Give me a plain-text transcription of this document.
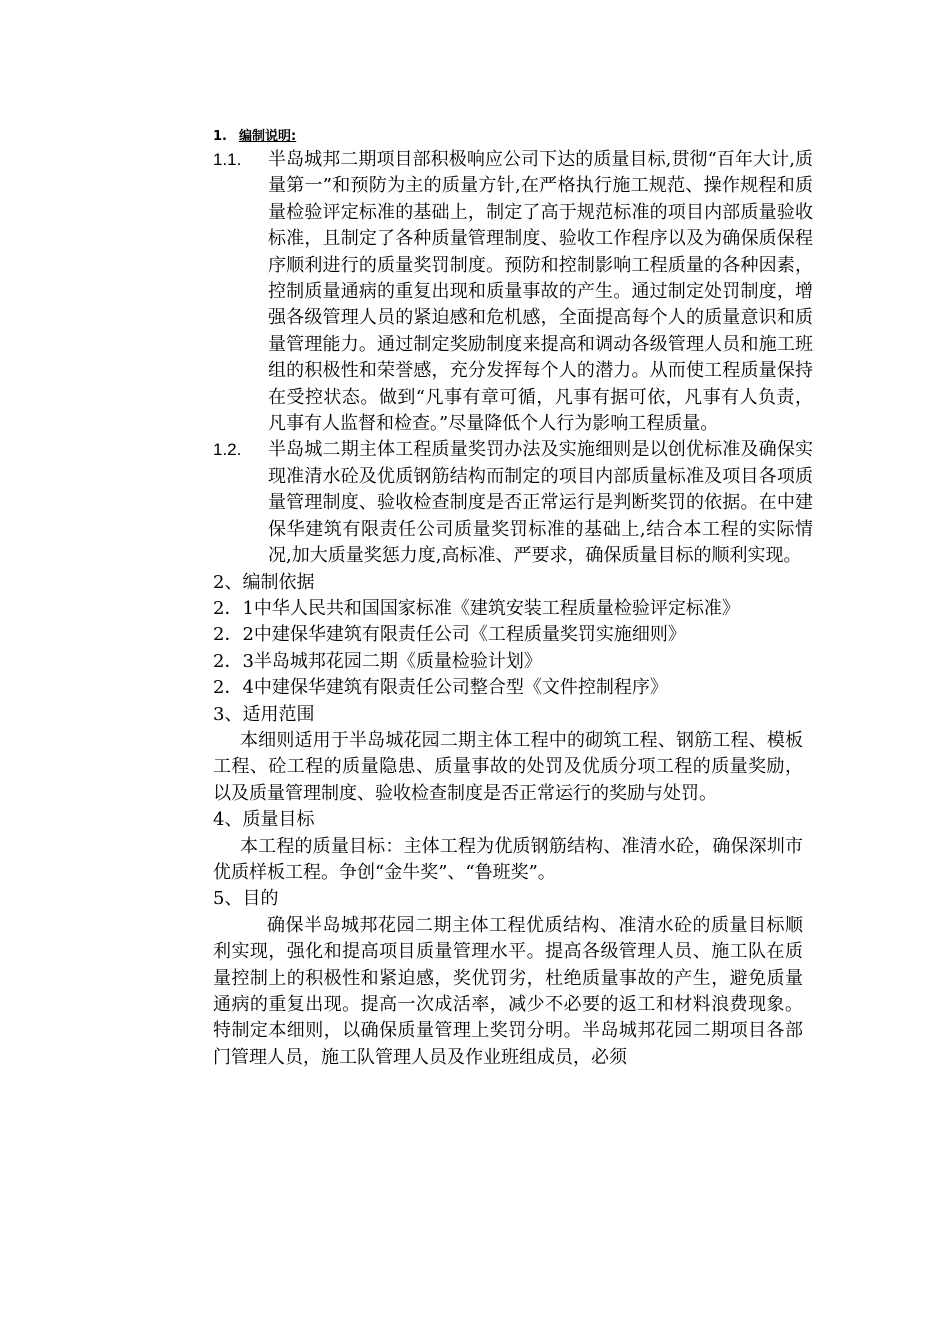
1. 编制说明:
1.1.	半岛城邦二期项目部积极响应公司下达的质量目标,贯彻“百年大计,质量第一”和预防为主的质量方针,在严格执行施工规范、操作规程和质量检验评定标准的基础上，制定了高于规范标准的项目内部质量验收标准，且制定了各种质量管理制度、验收工作程序以及为确保质保程序顺利进行的质量奖罚制度。预防和控制影响工程质量的各种因素，控制质量通病的重复出现和质量事故的产生。通过制定处罚制度，增强各级管理人员的紧迫感和危机感，全面提高每个人的质量意识和质量管理能力。通过制定奖励制度来提高和调动各级管理人员和施工班组的积极性和荣誉感，充分发挥每个人的潜力。从而使工程质量保持在受控状态。做到“凡事有章可循，凡事有据可依，凡事有人负责，凡事有人监督和检查。”尽量降低个人行为影响工程质量。
1.2.	半岛城二期主体工程质量奖罚办法及实施细则是以创优标准及确保实现准清水砼及优质钢筋结构而制定的项目内部质量标准及项目各项质量管理制度、验收检查制度是否正常运行是判断奖罚的依据。在中建保华建筑有限责任公司质量奖罚标准的基础上,结合本工程的实际情况,加大质量奖惩力度,高标准、严要求，确保质量目标的顺利实现。
2、编制依据
2．1中华人民共和国国家标准《建筑安装工程质量检验评定标准》
2．2中建保华建筑有限责任公司《工程质量奖罚实施细则》
2．3半岛城邦花园二期《质量检验计划》
2．4中建保华建筑有限责任公司整合型《文件控制程序》
3、适用范围
本细则适用于半岛城花园二期主体工程中的砌筑工程、钢筋工程、模板工程、砼工程的质量隐患、质量事故的处罚及优质分项工程的质量奖励，以及质量管理制度、验收检查制度是否正常运行的奖励与处罚。
4、质量目标
本工程的质量目标：主体工程为优质钢筋结构、准清水砼，确保深圳市优质样板工程。争创“金牛奖”、“鲁班奖”。
5、目的
确保半岛城邦花园二期主体工程优质结构、准清水砼的质量目标顺利实现，强化和提高项目质量管理水平。提高各级管理人员、施工队在质量控制上的积极性和紧迫感，奖优罚劣，杜绝质量事故的产生，避免质量通病的重复出现。提高一次成活率，减少不必要的返工和材料浪费现象。特制定本细则，以确保质量管理上奖罚分明。半岛城邦花园二期项目各部门管理人员，施工队管理人员及作业班组成员，必须
